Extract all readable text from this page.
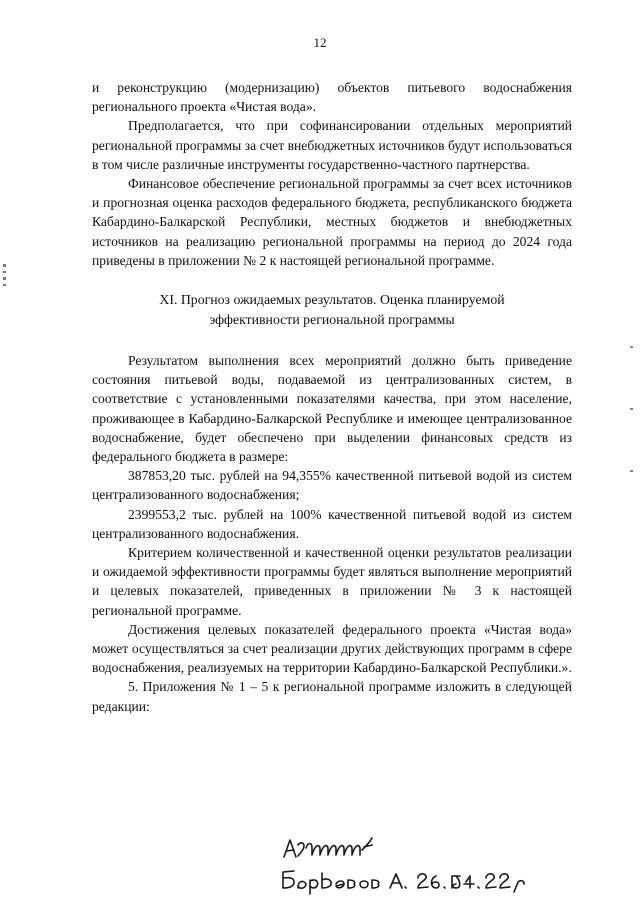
12

и реконструкцию (модернизацию) объектов питьевого водоснабжения регионального проекта «Чистая вода».

Предполагается, что при софинансировании отдельных мероприятий региональной программы за счет внебюджетных источников будут использоваться в том числе различные инструменты государственно-частного партнерства.

Финансовое обеспечение региональной программы за счет всех источников и прогнозная оценка расходов федерального бюджета, республиканского бюджета Кабардино-Балкарской Республики, местных бюджетов и внебюджетных источников на реализацию региональной программы на период до 2024 года приведены в приложении № 2 к настоящей региональной программе.

XI. Прогноз ожидаемых результатов. Оценка планируемой
эффективности региональной программы

Результатом выполнения всех мероприятий должно быть приведение состояния питьевой воды, подаваемой из централизованных систем, в соответствие с установленными показателями качества, при этом население, проживающее в Кабардино-Балкарской Республике и имеющее централизованное водоснабжение, будет обеспечено при выделении финансовых средств из федерального бюджета в размере:

387853,20 тыс. рублей на 94,355% качественной питьевой водой из систем централизованного водоснабжения;

2399553,2 тыс. рублей на 100% качественной питьевой водой из систем централизованного водоснабжения.

Критерием количественной и качественной оценки результатов реализации и ожидаемой эффективности программы будет являться выполнение мероприятий и целевых показателей, приведенных в приложении № 3 к настоящей региональной программе.

Достижения целевых показателей федерального проекта «Чистая вода» может осуществляться за счет реализации других действующих программ в сфере водоснабжения, реализуемых на территории Кабардино-Балкарской Республики.».

5. Приложения № 1 – 5 к региональной программе изложить в следующей редакции:
